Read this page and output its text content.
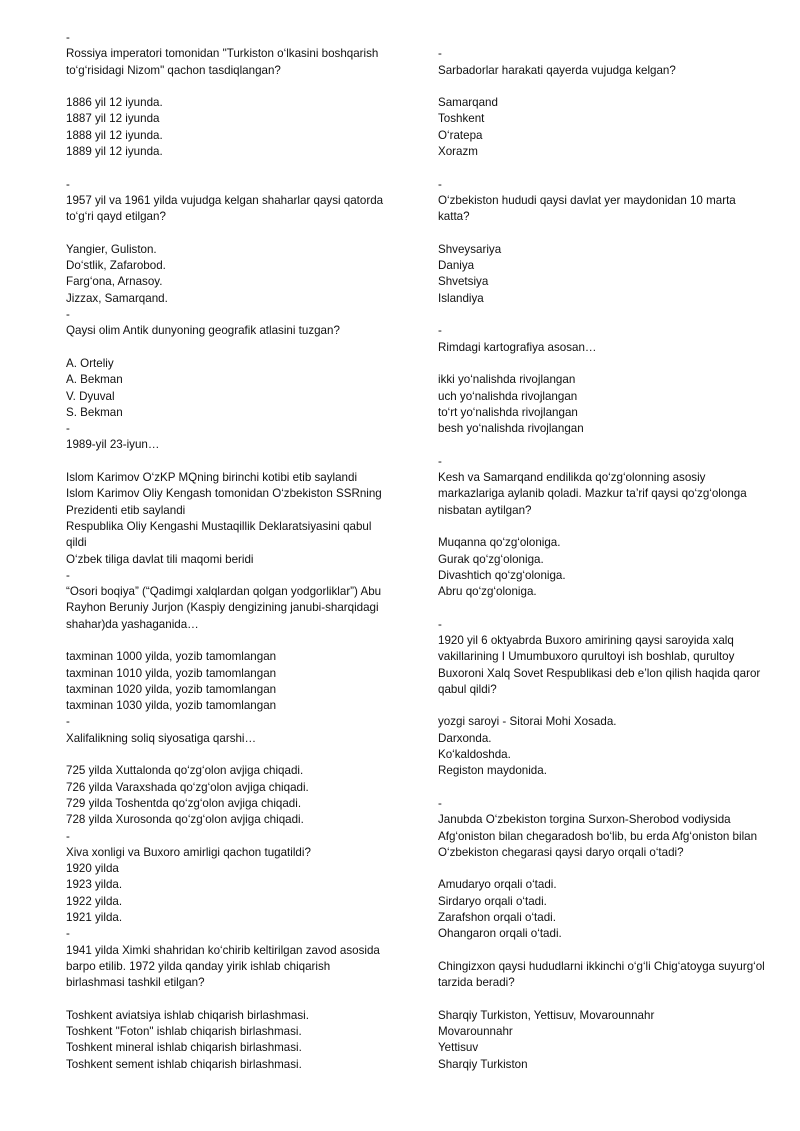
-
Rossiya imperatori tomonidan "Turkiston o‘lkasini boshqarish to‘g‘risidagi Nizom" qachon tasdiqlangan?
1886 yil 12 iyunda.
1887 yil 12 iyunda
1888 yil 12 iyunda.
1889 yil 12 iyunda.
-
1957 yil va 1961 yilda vujudga kelgan shaharlar qaysi qatorda to‘g‘ri qayd etilgan?
Yangier, Guliston.
Do‘stlik, Zafarobod.
Farg‘ona, Arnasoy.
Jizzax, Samarqand.
-
Qaysi olim Antik dunyoning geografik atlasini tuzgan?
A. Orteliy
A. Bekman
V. Dyuval
S. Bekman
-
1989-yil 23-iyun…
Islom Karimov O‘zKP MQning birinchi kotibi etib saylandi
Islom Karimov Oliy Kengash tomonidan O‘zbekiston SSRning Prezidenti etib saylandi
Respublika Oliy Kengashi Mustaqillik Deklaratsiyasini qabul qildi
O‘zbek tiliga davlat tili maqomi beridi
-
“Osori boqiya” (“Qadimgi xalqlardan qolgan yodgorliklar”) Abu Rayhon Beruniy Jurjon (Kaspiy dengizining janubi-sharqidagi shahar)da yashaganida…
taxminan 1000 yilda, yozib tamomlangan
taxminan 1010 yilda, yozib tamomlangan
taxminan 1020 yilda, yozib tamomlangan
taxminan 1030 yilda, yozib tamomlangan
-
Xalifalikning soliq siyosatiga qarshi…
725 yilda Xuttalonda qo‘zg‘olon avjiga chiqadi.
726 yilda Varaxshada qo‘zg‘olon avjiga chiqadi.
729 yilda Toshentda qo‘zg‘olon avjiga chiqadi.
728 yilda Xurosonda qo‘zg‘olon avjiga chiqadi.
-
Xiva xonligi va Buxoro amirligi qachon tugatildi?
1920 yilda
1923 yilda.
1922 yilda.
1921 yilda.
-
1941 yilda Ximki shahridan ko‘chirib keltirilgan zavod asosida barpo etilib. 1972 yilda qanday yirik ishlab chiqarish birlashmasi tashkil etilgan?
Toshkent aviatsiya ishlab chiqarish birlashmasi.
Toshkent "Foton" ishlab chiqarish birlashmasi.
Toshkent mineral ishlab chiqarish birlashmasi.
Toshkent sement ishlab chiqarish birlashmasi.
-
Sarbadorlar harakati qayerda vujudga kelgan?
Samarqand
Toshkent
O‘ratepa
Xorazm
-
O‘zbekiston hududi qaysi davlat yer maydonidan 10 marta katta?
Shveysariya
Daniya
Shvetsiya
Islandiya
-
Rimdagi kartografiya asosan…
ikki yo‘nalishda rivojlangan
uch yo‘nalishda rivojlangan
to‘rt yo‘nalishda rivojlangan
besh yo‘nalishda rivojlangan
-
Kesh va Samarqand endilikda qo‘zg‘olonning asosiy markazlariga aylanib qoladi. Mazkur ta’rif qaysi qo‘zg‘olonga nisbatan aytilgan?
Muqanna qo‘zg‘oloniga.
Gurak qo‘zg‘oloniga.
Divashtich qo‘zg‘oloniga.
Abru qo‘zg‘oloniga.
-
1920 yil 6 oktyabrda Buxoro amirining qaysi saroyida xalq vakillarining I Umumbuxoro qurultoyi ish boshlab, qurultoy Buxoroni Xalq Sovet Respublikasi deb e’lon qilish haqida qaror qabul qildi?
yozgi saroyi - Sitorai Mohi Xosada.
Darxonda.
Ko‘kaldoshda.
Registon maydonida.
-
Janubda O‘zbekiston torgina Surxon-Sherobod vodiysida Afg‘oniston bilan chegaradosh bo‘lib, bu erda Afg‘oniston bilan O‘zbekiston chegarasi qaysi daryo orqali o‘tadi?
Amudaryo orqali o‘tadi.
Sirdaryo orqali o‘tadi.
Zarafshon orqali o‘tadi.
Ohangaron orqali o‘tadi.
Chingizxon qaysi hududlarni ikkinchi o‘g‘li Chig‘atoyga suyurg‘ol tarzida beradi?
Sharqiy Turkiston, Yettisuv, Movarounnahr
Movarounnahr
Yettisuv
Sharqiy Turkiston
